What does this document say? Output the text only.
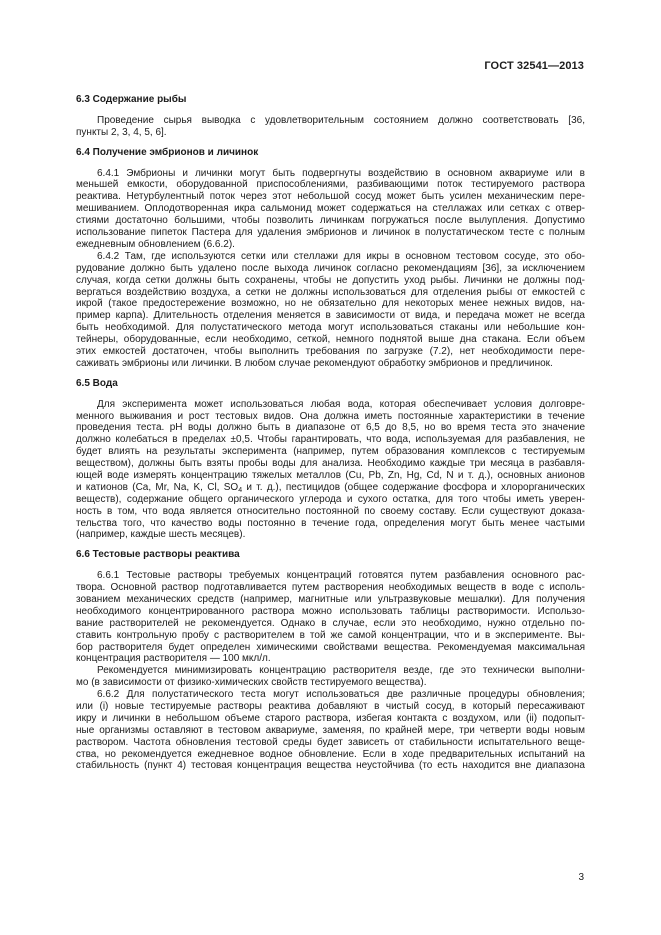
ГОСТ 32541—2013
6.3 Содержание рыбы
Проведение сырья выводка с удовлетворительным состоянием должно соответствовать [36,
пункты 2, 3, 4, 5, 6].
6.4 Получение эмбрионов и личинок
6.4.1 Эмбрионы и личинки могут быть подвергнуты воздействию в основном аквариуме или в
меньшей емкости, оборудованной приспособлениями, разбивающими поток тестируемого раствора
реактива. Нетурбулентный поток через этот небольшой сосуд может быть усилен механическим пере-
мешиванием. Оплодотворенная икра сальмонид может содержаться на стеллажах или сетках с отвер-
стиями достаточно большими, чтобы позволить личинкам погружаться после вылупления. Допустимо
использование пипеток Пастера для удаления эмбрионов и личинок в полустатическом тесте с полным
ежедневным обновлением (6.6.2).
6.4.2 Там, где используются сетки или стеллажи для икры в основном тестовом сосуде, это обо-
рудование должно быть удалено после выхода личинок согласно рекомендациям [36], за исключением
случая, когда сетки должны быть сохранены, чтобы не допустить уход рыбы. Личинки не должны под-
вергаться воздействию воздуха, а сетки не должны использоваться для отделения рыбы от емкостей с
икрой (такое предостережение возможно, но не обязательно для некоторых менее нежных видов, на-
пример карпа). Длительность отделения меняется в зависимости от вида, и передача может не всегда
быть необходимой. Для полустатического метода могут использоваться стаканы или небольшие кон-
тейнеры, оборудованные, если необходимо, сеткой, немного поднятой выше дна стакана. Если объем
этих емкостей достаточен, чтобы выполнить требования по загрузке (7.2), нет необходимости пере-
саживать эмбрионы или личинки. В любом случае рекомендуют обработку эмбрионов и предличинок.
6.5 Вода
Для эксперимента может использоваться любая вода, которая обеспечивает условия долговре-
менного выживания и рост тестовых видов. Она должна иметь постоянные характеристики в течение
проведения теста. pH воды должно быть в диапазоне от 6,5 до 8,5, но во время теста это значение
должно колебаться в пределах ±0,5. Чтобы гарантировать, что вода, используемая для разбавления, не
будет влиять на результаты эксперимента (например, путем образования комплексов с тестируемым
веществом), должны быть взяты пробы воды для анализа. Необходимо каждые три месяца в разбавля-
ющей воде измерять концентрацию тяжелых металлов (Cu, Pb, Zn, Hg, Cd, N и т. д.), основных анионов
и катионов (Ca, Mr, Na, K, Cl, $SO_4$ и т. д.), пестицидов (общее содержание фосфора и хлорорганических
веществ), содержание общего органического углерода и сухого остатка, для того чтобы иметь уверен-
ность в том, что вода является относительно постоянной по своему составу. Если существуют доказа-
тельства того, что качество воды постоянно в течение года, определения могут быть менее частыми
(например, каждые шесть месяцев).
6.6 Тестовые растворы реактива
6.6.1 Тестовые растворы требуемых концентраций готовятся путем разбавления основного рас-
твора. Основной раствор подготавливается путем растворения необходимых веществ в воде с исполь-
зованием механических средств (например, магнитные или ультразвуковые мешалки). Для получения
необходимого концентрированного раствора можно использовать таблицы растворимости. Использо-
вание растворителей не рекомендуется. Однако в случае, если это необходимо, нужно отдельно по-
ставить контрольную пробу с растворителем в той же самой концентрации, что и в эксперименте. Вы-
бор растворителя будет определен химическими свойствами вещества. Рекомендуемая максимальная
концентрация растворителя — 100 мкл/л.
Рекомендуется минимизировать концентрацию растворителя везде, где это технически выполни-
мо (в зависимости от физико-химических свойств тестируемого вещества).
6.6.2 Для полустатического теста могут использоваться две различные процедуры обновления;
или (i) новые тестируемые растворы реактива добавляют в чистый сосуд, в который пересаживают
икру и личинки в небольшом объеме старого раствора, избегая контакта с воздухом, или (ii) подопыт-
ные организмы оставляют в тестовом аквариуме, заменяя, по крайней мере, три четверти воды новым
раствором. Частота обновления тестовой среды будет зависеть от стабильности испытательного веще-
ства, но рекомендуется ежедневное водное обновление. Если в ходе предварительных испытаний на
стабильность (пункт 4) тестовая концентрация вещества неустойчива (то есть находится вне диапазона
3
